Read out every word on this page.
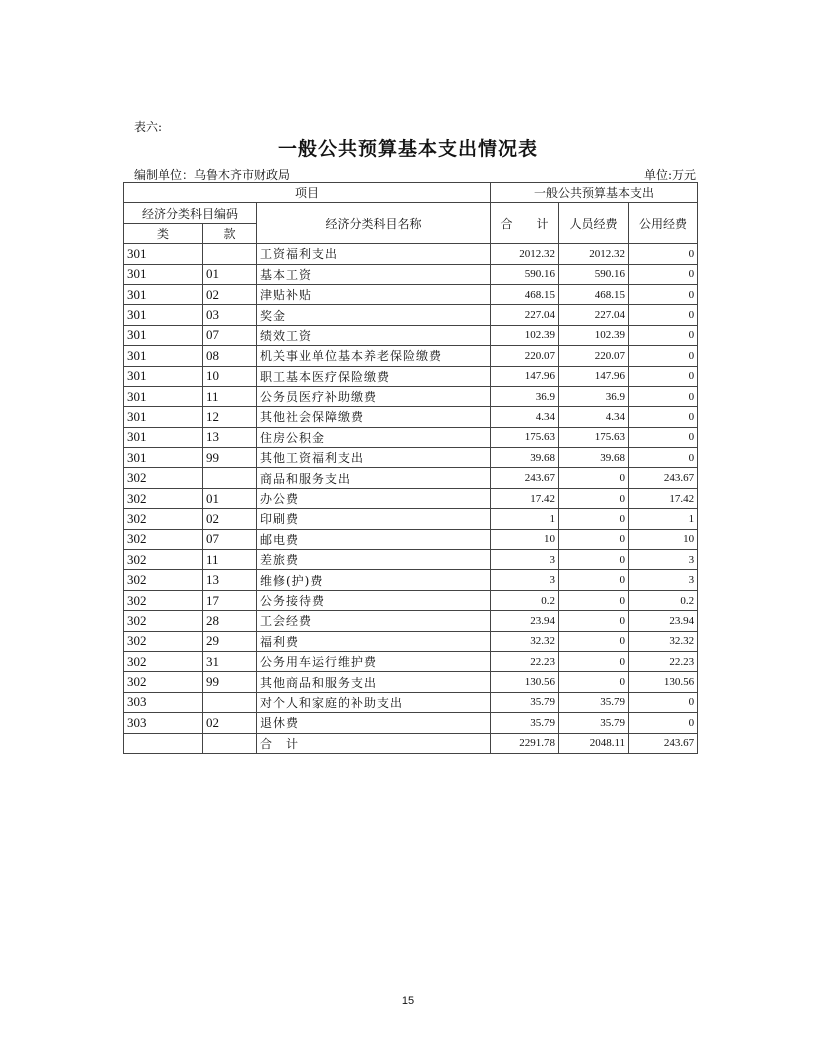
表六:
一般公共预算基本支出情况表
编制单位：乌鲁木齐市财政局	单位:万元
项目			一般公共预算基本支出		
经济分类科目编码		经济分类科目名称	合　　计	人员经费	公用经费
类	款				
301		工资福利支出	2012.32	2012.32	0
301	01	基本工资	590.16	590.16	0
301	02	津贴补贴	468.15	468.15	0
301	03	奖金	227.04	227.04	0
301	07	绩效工资	102.39	102.39	0
301	08	机关事业单位基本养老保险缴费	220.07	220.07	0
301	10	职工基本医疗保险缴费	147.96	147.96	0
301	11	公务员医疗补助缴费	36.9	36.9	0
301	12	其他社会保障缴费	4.34	4.34	0
301	13	住房公积金	175.63	175.63	0
301	99	其他工资福利支出	39.68	39.68	0
302		商品和服务支出	243.67	0	243.67
302	01	办公费	17.42	0	17.42
302	02	印刷费	1	0	1
302	07	邮电费	10	0	10
302	11	差旅费	3	0	3
302	13	维修(护)费	3	0	3
302	17	公务接待费	0.2	0	0.2
302	28	工会经费	23.94	0	23.94
302	29	福利费	32.32	0	32.32
302	31	公务用车运行维护费	22.23	0	22.23
302	99	其他商品和服务支出	130.56	0	130.56
303		对个人和家庭的补助支出	35.79	35.79	0
303	02	退休费	35.79	35.79	0
		合　计	2291.78	2048.11	243.67
15
